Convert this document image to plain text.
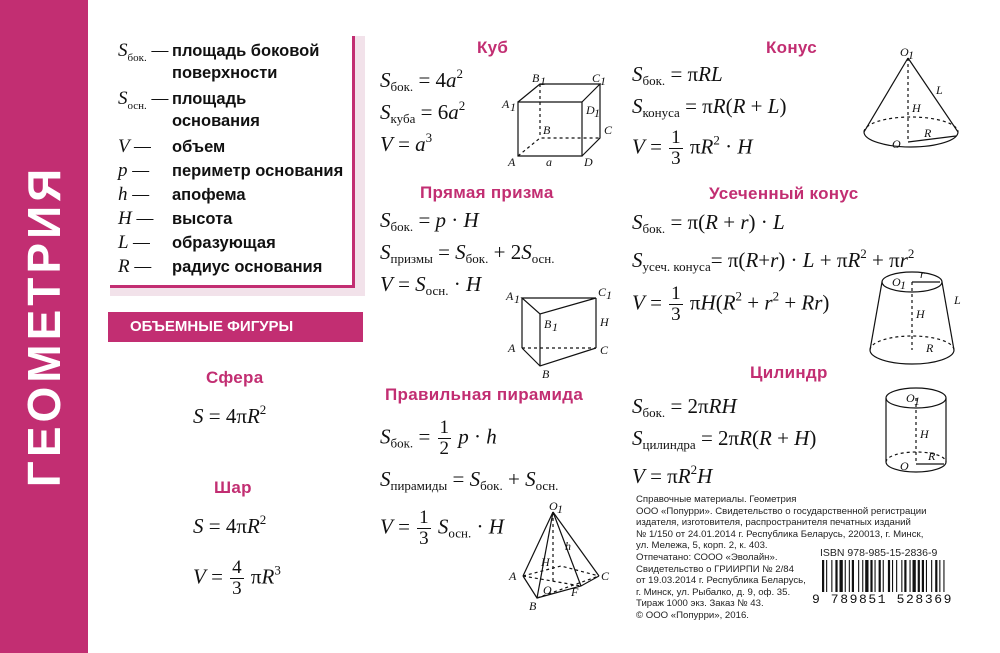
ГЕОМЕТРИЯ
$S_{бок.}$ — площадь боковой
поверхности
$S_{осн.}$ — площадь
основания
V —	объем
p —	периметр основания
h —	апофема
H —	высота
L —	образующая
R —	радиус основания
ОБЪЕМНЫЕ ФИГУРЫ
Сфера
$S = 4\pi R^2$
Шар
$S = 4\pi R^2$
$V = \frac{4}{3} \pi R^3$
Куб
$S_{бок.} = 4a^2$
$S_{куба} = 6a^2$
$V = a^3$
B 1	C 1
A 1	D 1
B	C
A	a	D
Прямая призма
$S_{бок.} = p \cdot H$
$S_{призмы} = S_{бок.} + 2S_{осн.}$
$V = S_{осн.} \cdot H$ A 1	C 1
B 1	H
A	C
B
Правильная пирамида
$S_{бок.} = \frac{1}{2}$ p · h
$S_{пирамиды} = S_{бок.} + S_{осн.}$
$V = \frac{1}{3} S_{осн.} \cdot H$
O 1
h
H
A	C
O F
B
Конус
$S_{бок.} = \pi RL$
$S_{конуса} = \pi R(R + L)$
$V = \frac{1}{3} \pi R^2 \cdot H$
O 1
L
H
O
R
Усеченный конус
$S_{бок.} = \pi(R + r) \cdot L$
$S_{усеч. конуса}= \pi(R+r) \cdot L + \pi R^2 + \pi r^2$
$V = \frac{1}{3} \pi H(R^2 + r^2 + Rr)$
O 1
r
H
L
R
Цилиндр
$S_{бок.} = 2\pi RH$
$S_{цилиндра} = 2\pi R(R + H)$
$V = \pi R^2H$
O 1
H
O
R
Справочные материалы. Геометрия
ООО «Попурри». Свидетельство о государственной регистрации
издателя, изготовителя, распространителя печатных изданий
№ 1/150 от 24.01.2014 г. Республика Беларусь, 220013, г. Минск,
ул. Мележа, 5, корп. 2, к. 403.
Отпечатано: СООО «Эволайн».
Свидетельство о ГРИИРПИ № 2/84
от 19.03.2014 г. Республика Беларусь,
г. Минск, ул. Рыбалко, д. 9, оф. 35.
Тираж 1000 экз. Заказ № 43.
© ООО «Попурри», 2016.
ISBN 978-985-15-2836-9
9 789851 528369
